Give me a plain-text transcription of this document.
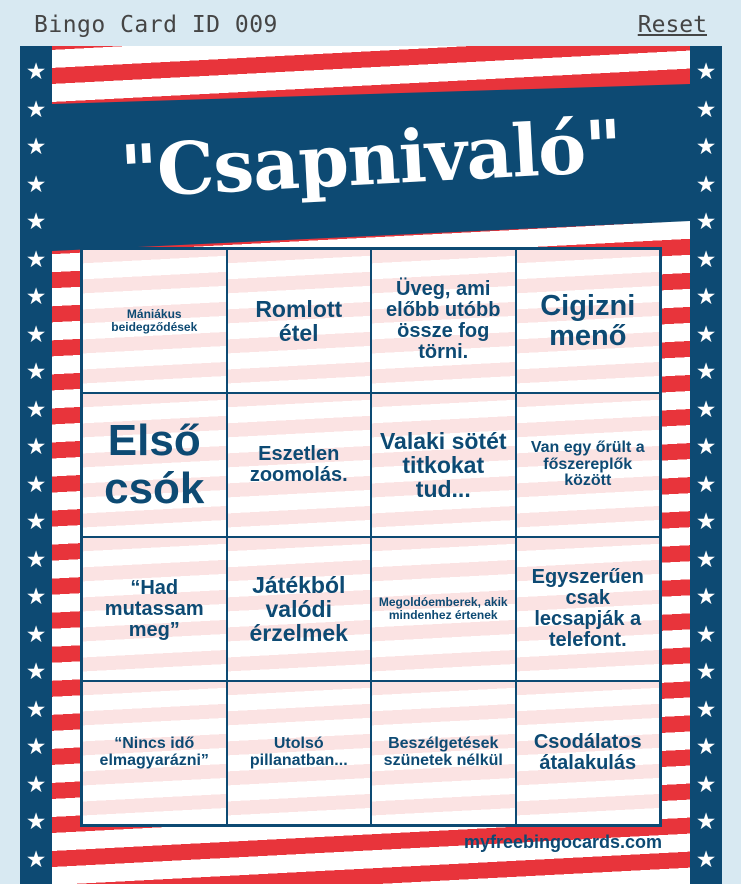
Bingo Card ID 009	Reset
"Csapnivaló"
★
★
★
★
★
★
★
★
★
★
★
★
★
★
★
★
★
★
★
★
★
★
★
★
★
★
★
★
★
★
★
★
★
★
★
★
★
★
★
★
★
★
★
★
Mániákus beidegződések
Romlott étel
Üveg, ami előbb utóbb össze fog törni.
Cigizni menő
Első csók
Eszetlen zoomolás.
Valaki sötét titkokat tud...
Van egy őrült a főszereplők között
“Had mutassam meg”
Játékból valódi érzelmek
Megoldóemberek, akik mindenhez értenek
Egyszerűen csak lecsapják a telefont.
“Nincs idő elmagyarázni”
Utolsó pillanatban...
Beszélgetések szünetek nélkül
Csodálatos átalakulás
myfreebingocards.com
